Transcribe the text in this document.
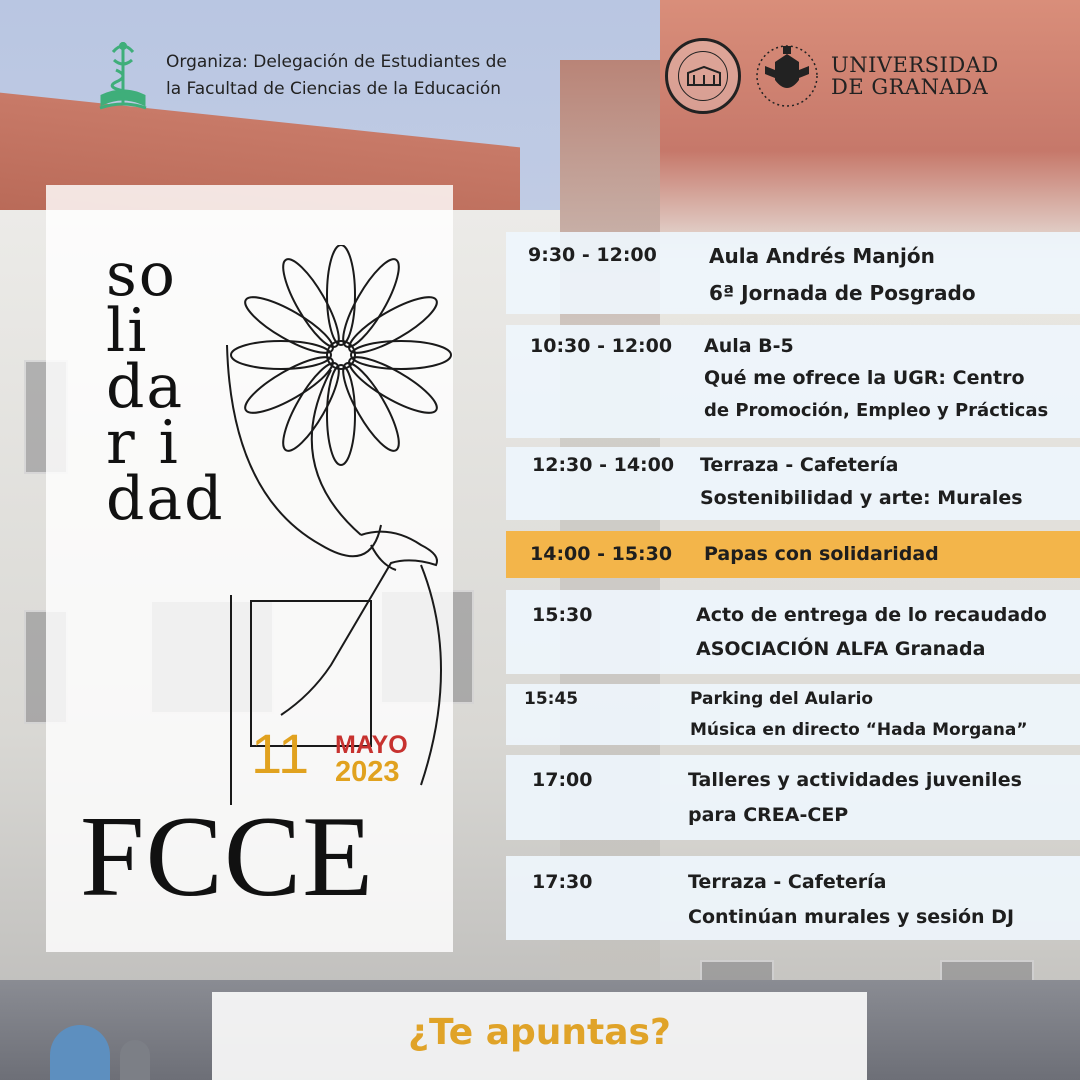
Organiza: Delegación de Estudiantes de
la Facultad de Ciencias de la Educación
UNIVERSIDAD
DE GRANADA
so
li
da
ri
dad
11 MAYO
2023
FCCE
9:30 - 12:00	Aula Andrés Manjón
6ª Jornada de Posgrado
10:30 - 12:00 Aula B-5
Qué me ofrece la UGR: Centro
de Promoción, Empleo y Prácticas
12:30 - 14:00 Terraza - Cafetería
Sostenibilidad y arte: Murales
14:00 - 15:30 Papas con solidaridad
15:30	Acto de entrega de lo recaudado
ASOCIACIÓN ALFA Granada
15:45	Parking del Aulario
Música en directo “Hada Morgana”
17:00	Talleres y actividades juveniles
para CREA-CEP
17:30	Terraza - Cafetería
Continúan murales y sesión DJ
¿Te apuntas?
